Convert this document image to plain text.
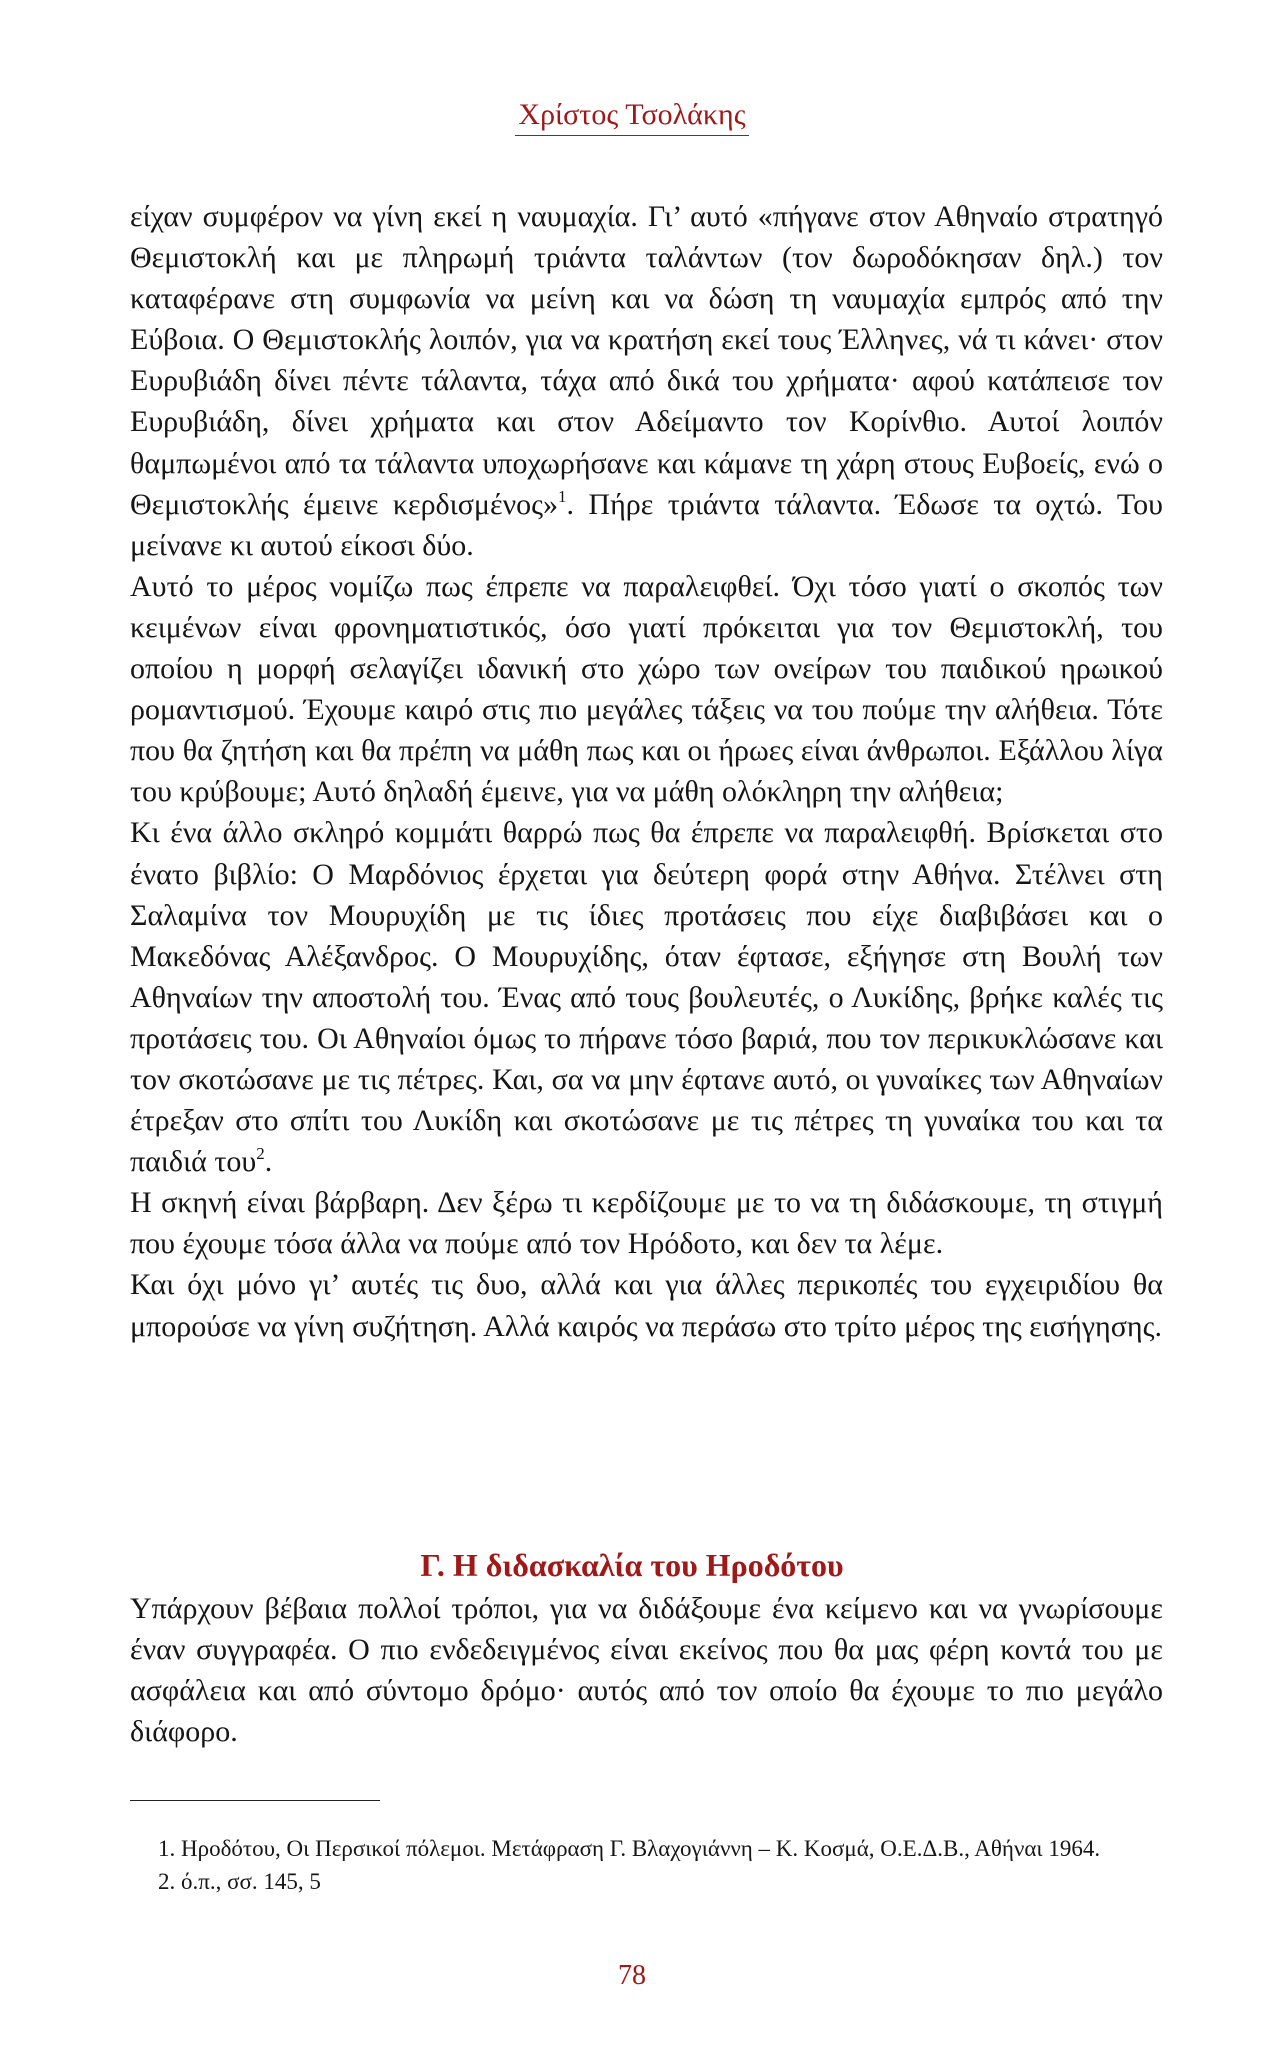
Χρίστος Τσολάκης

είχαν συμφέρον να γίνη εκεί η ναυμαχία. Γι’ αυτό «πήγανε στον Αθηναίο στρατηγό Θεμιστοκλή και με πληρωμή τριάντα ταλάντων (τον δωροδόκησαν δηλ.) τον καταφέρανε στη συμφωνία να μείνη και να δώση τη ναυμαχία εμπρός από την Εύβοια. Ο Θεμιστοκλής λοιπόν, για να κρατήση εκεί τους Έλληνες, νά τι κάνει· στον Ευρυβιάδη δίνει πέντε τάλαντα, τάχα από δικά του χρήματα· αφού κατάπεισε τον Ευρυβιάδη, δίνει χρήματα και στον Αδείμαντο τον Κορίνθιο. Αυτοί λοιπόν θαμπωμένοι από τα τάλαντα υποχωρήσανε και κάμανε τη χάρη στους Ευβοείς, ενώ ο Θεμιστοκλής έμεινε κερδισμένος»$^1$. Πήρε τριάντα τάλαντα. Έδωσε τα οχτώ. Του μείνανε κι αυτού είκοσι δύο.

Αυτό το μέρος νομίζω πως έπρεπε να παραλειφθεί. Όχι τόσο γιατί ο σκοπός των κειμένων είναι φρονηματιστικός, όσο γιατί πρόκειται για τον Θεμιστοκλή, του οποίου η μορφή σελαγίζει ιδανική στο χώρο των ονείρων του παιδικού ηρωικού ρομαντισμού. Έχουμε καιρό στις πιο μεγάλες τάξεις να του πούμε την αλήθεια. Τότε που θα ζητήση και θα πρέπη να μάθη πως και οι ήρωες είναι άνθρωποι. Εξάλλου λίγα του κρύβουμε; Αυτό δηλαδή έμεινε, για να μάθη ολόκληρη την αλήθεια;

Κι ένα άλλο σκληρό κομμάτι θαρρώ πως θα έπρεπε να παραλειφθή. Βρίσκεται στο ένατο βιβλίο: Ο Μαρδόνιος έρχεται για δεύτερη φορά στην Αθήνα. Στέλνει στη Σαλαμίνα τον Μουρυχίδη με τις ίδιες προτάσεις που είχε διαβιβάσει και ο Μακεδόνας Αλέξανδρος. Ο Μουρυχίδης, όταν έφτασε, εξήγησε στη Βουλή των Αθηναίων την αποστολή του. Ένας από τους βουλευτές, ο Λυκίδης, βρήκε καλές τις προτάσεις του. Οι Αθηναίοι όμως το πήρανε τόσο βαριά, που τον περικυκλώσανε και τον σκοτώσανε με τις πέτρες. Και, σα να μην έφτανε αυτό, οι γυναίκες των Αθηναίων έτρεξαν στο σπίτι του Λυκίδη και σκοτώσανε με τις πέτρες τη γυναίκα του και τα παιδιά του$^2$.

Η σκηνή είναι βάρβαρη. Δεν ξέρω τι κερδίζουμε με το να τη διδάσκουμε, τη στιγμή που έχουμε τόσα άλλα να πούμε από τον Ηρόδοτο, και δεν τα λέμε.

Και όχι μόνο γι’ αυτές τις δυο, αλλά και για άλλες περικοπές του εγχειριδίου θα μπορούσε να γίνη συζήτηση. Αλλά καιρός να περάσω στο τρίτο μέρος της εισήγησης.

Γ. Η διδασκαλία του Ηροδότου

Υπάρχουν βέβαια πολλοί τρόποι, για να διδάξουμε ένα κείμενο και να γνωρίσουμε έναν συγγραφέα. Ο πιο ενδεδειγμένος είναι εκείνος που θα μας φέρη κοντά του με ασφάλεια και από σύντομο δρόμο· αυτός από τον οποίο θα έχουμε το πιο μεγάλο διάφορο.

1. Ηροδότου, Οι Περσικοί πόλεμοι. Μετάφραση Γ. Βλαχογιάννη – Κ. Κοσμά, Ο.Ε.Δ.Β., Αθήναι 1964.

2. ό.π., σσ. 145, 5

78
